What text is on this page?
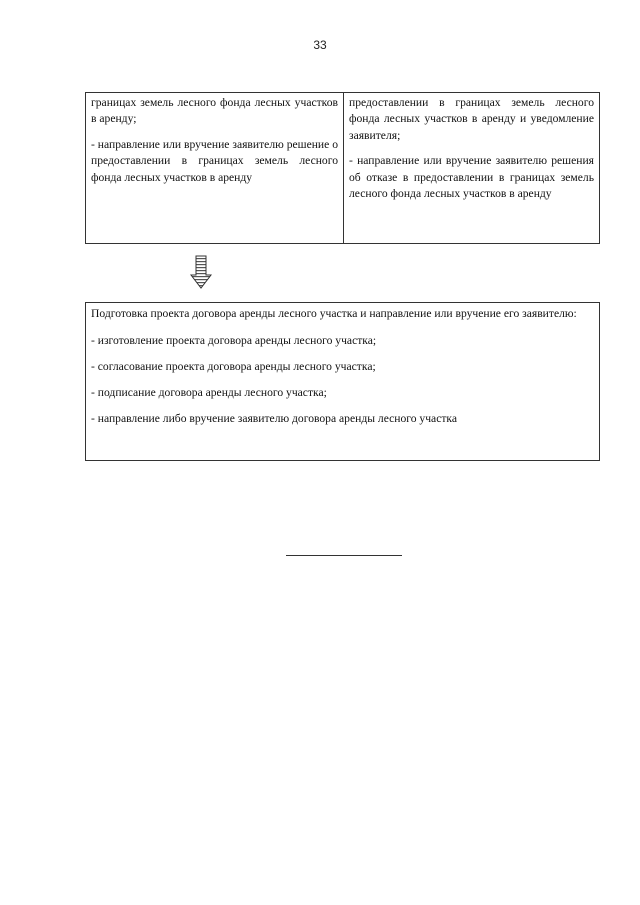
33

границах земель лесного фонда лесных участков в аренду;

- направление или вручение заявителю решение о предоставлении в границах земель лесного фонда лесных участков в аренду

предоставлении в границах земель лесного фонда лесных участков в аренду и уведомление заявителя;

- направление или вручение заявителю решения об отказе в предоставлении в границах земель лесного фонда лесных участков в аренду

Подготовка проекта договора аренды лесного участка и направление или вручение его заявителю:

- изготовление проекта договора аренды лесного участка;

- согласование проекта договора аренды лесного участка;

- подписание договора аренды лесного участка;

- направление либо вручение заявителю договора аренды лесного участка
